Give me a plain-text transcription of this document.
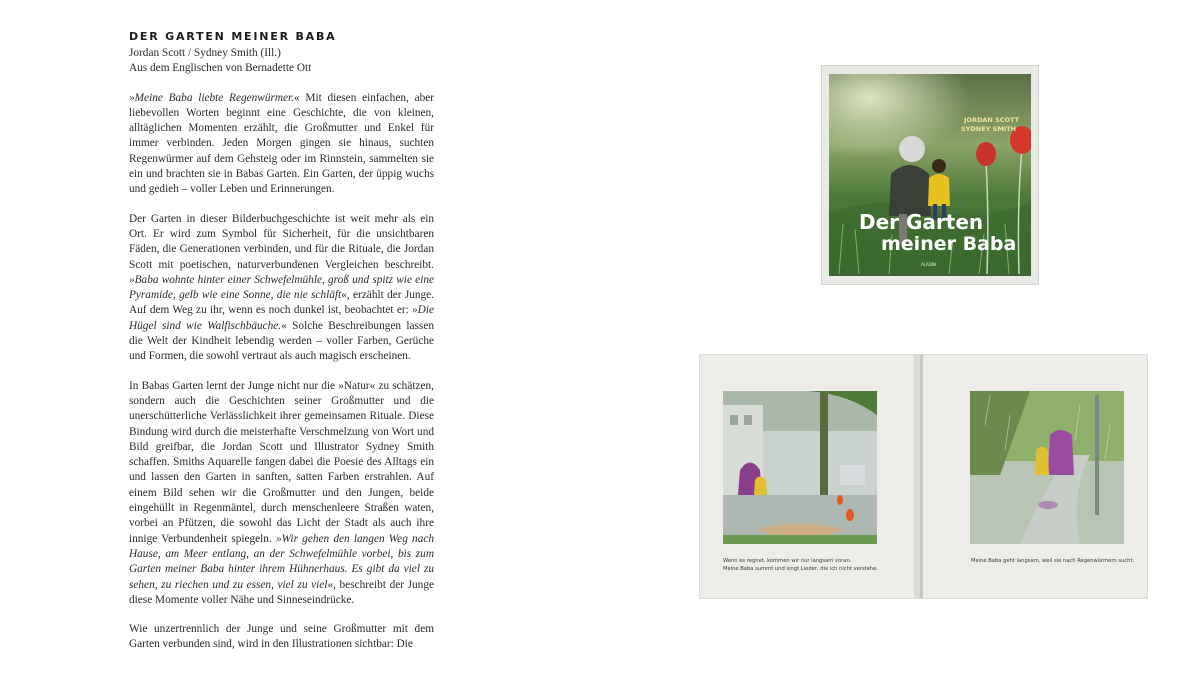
DER GARTEN MEINER BABA

Jordan Scott / Sydney Smith (Ill.)

Aus dem Englischen von Bernadette Ott

»Meine Baba liebte Regenwürmer.« Mit diesen einfachen, aber liebevollen Worten beginnt eine Geschichte, die von kleinen, alltäglichen Momenten erzählt, die Großmutter und Enkel für immer verbinden. Jeden Morgen gingen sie hinaus, suchten Regenwürmer auf dem Gehsteig oder im Rinnstein, sammelten sie ein und brachten sie in Babas Garten. Ein Garten, der üppig wuchs und gedieh – voller Leben und Erinnerungen.

Der Garten in dieser Bilderbuchgeschichte ist weit mehr als ein Ort. Er wird zum Symbol für Sicherheit, für die unsichtbaren Fäden, die Generationen verbinden, und für die Rituale, die Jordan Scott mit poetischen, naturverbundenen Vergleichen beschreibt. »Baba wohnte hinter einer Schwefelmühle, groß und spitz wie eine Pyramide, gelb wie eine Sonne, die nie schläft«, erzählt der Junge. Auf dem Weg zu ihr, wenn es noch dunkel ist, beobachtet er: »Die Hügel sind wie Walfischbäuche.« Solche Beschreibungen lassen die Welt der Kindheit lebendig werden – voller Farben, Gerüche und Formen, die sowohl vertraut als auch magisch erscheinen.

In Babas Garten lernt der Junge nicht nur die »Natur« zu schätzen, sondern auch die Geschichten seiner Großmutter und die unerschütterliche Verlässlichkeit ihrer gemeinsamen Rituale. Diese Bindung wird durch die meisterhafte Verschmelzung von Wort und Bild greifbar, die Jordan Scott und Illustrator Sydney Smith schaffen. Smiths Aquarelle fangen dabei die Poesie des Alltags ein und lassen den Garten in sanften, satten Farben erstrahlen. Auf einem Bild sehen wir die Großmutter und den Jungen, beide eingehüllt in Regenmäntel, durch menschenleere Straßen waten, vorbei an Pfützen, die sowohl das Licht der Stadt als auch ihre innige Verbundenheit spiegeln. »Wir gehen den langen Weg nach Hause, am Meer entlang, an der Schwefelmühle vorbei, bis zum Garten meiner Baba hinter ihrem Hühnerhaus. Es gibt da viel zu sehen, zu riechen und zu essen, viel zu viel«, beschreibt der Junge diese Momente voller Nähe und Sinneseindrücke.

Wie unzertrennlich der Junge und seine Großmutter mit dem Garten verbunden sind, wird in den Illustrationen sichtbar: Die

JORDAN SCOTT
SYDNEY SMITH
Der Garten
meiner Baba
ALADIN

Wenn es regnet, kommen wir nur langsam voran.

Meine Baba summt und singt Lieder, die ich nicht verstehe.

Meine Baba geht langsam, weil sie nach Regenwürmern sucht.
